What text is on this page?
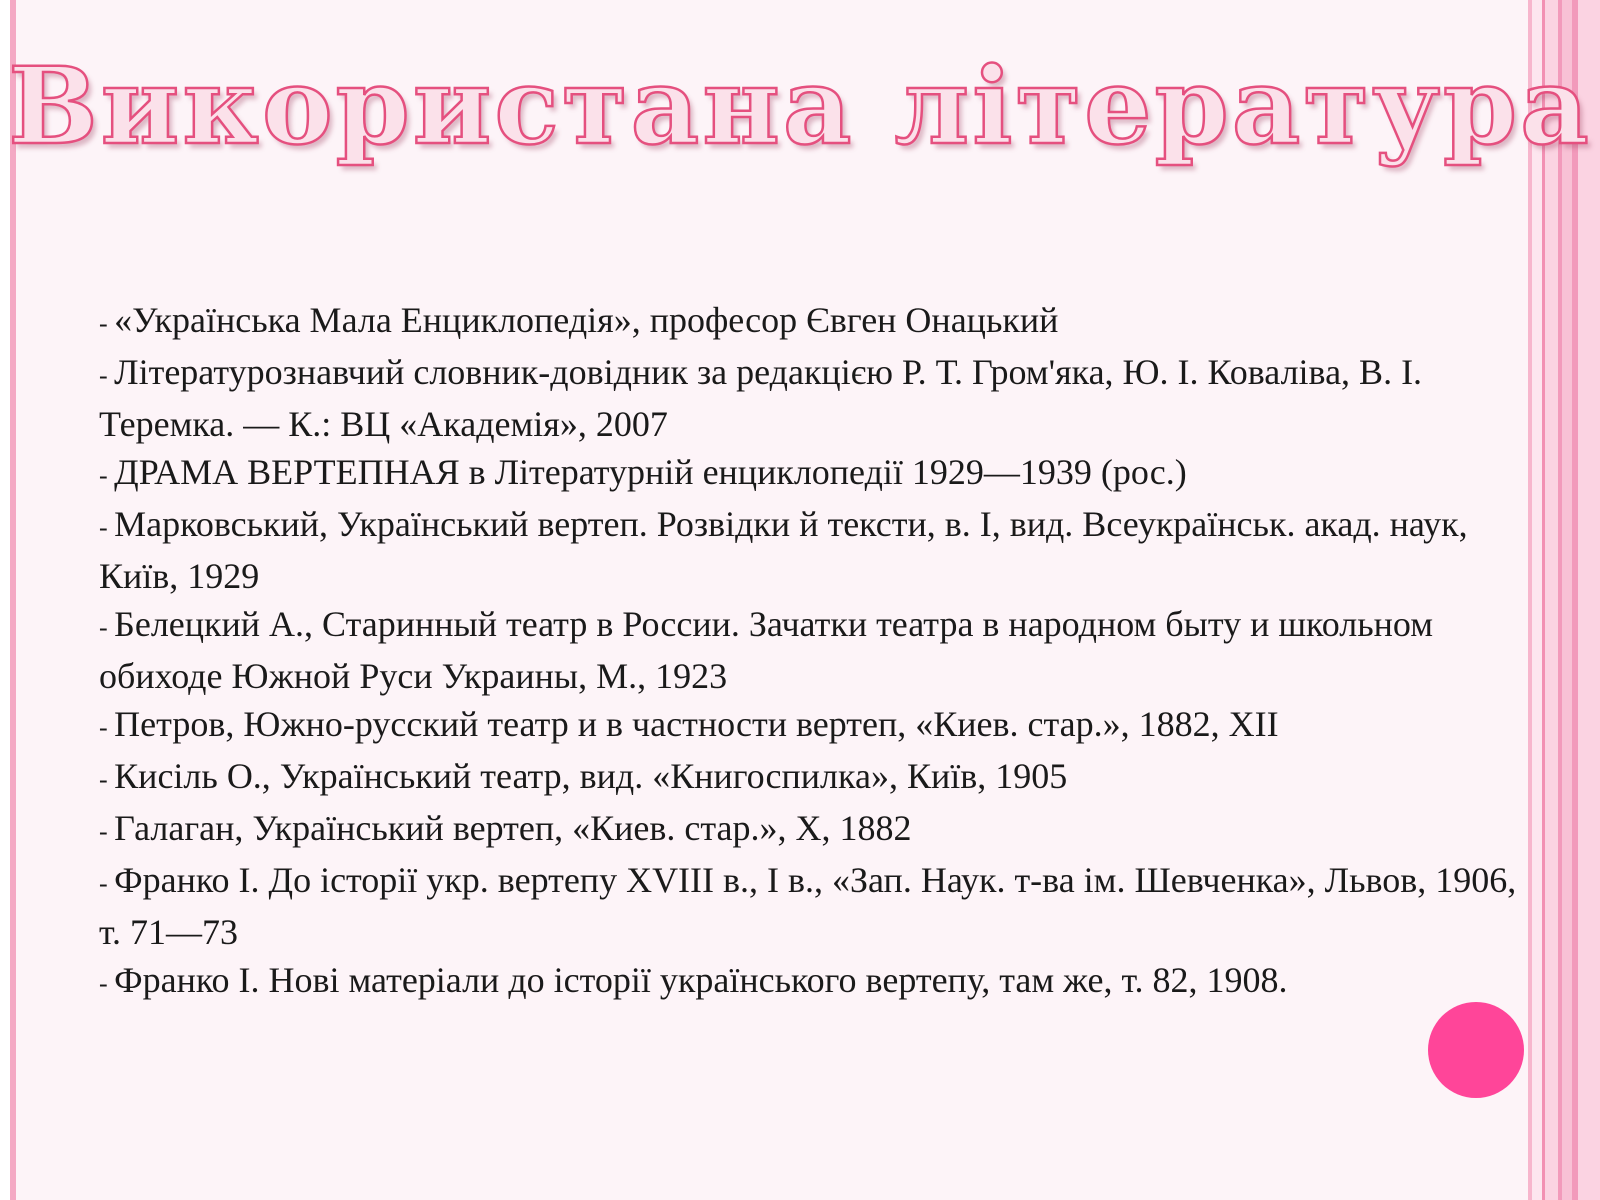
Використана література
- «Українська Мала Енциклопедія», професор Євген Онацький
- Літературознавчий словник-довідник за редакцією Р. Т. Гром'яка, Ю. І. Коваліва, В. І. Теремка. — К.: ВЦ «Академія», 2007
- ДРАМА ВЕРТЕПНАЯ в Літературній енциклопедії 1929—1939 (рос.)
- Марковський, Український вертеп. Розвідки й тексти, в. І, вид. Всеукраїнськ. акад. наук, Київ, 1929
- Белецкий А., Старинный театр в России. Зачатки театра в народном быту и школьном обиходе Южной Руси Украины, М., 1923
- Петров, Южно-русский театр и в частности вертеп, «Киев. стар.», 1882, XII
- Кисіль О., Український театр, вид. «Книгоспилка», Київ, 1905
- Галаган, Український вертеп, «Киев. стар.», X, 1882
- Франко І. До історії укр. вертепу XVIII в., I в., «Зап. Наук. т-ва ім. Шевченка», Львов, 1906, т. 71—73
- Франко І. Нові матеріали до історії українського вертепу, там же, т. 82, 1908.
